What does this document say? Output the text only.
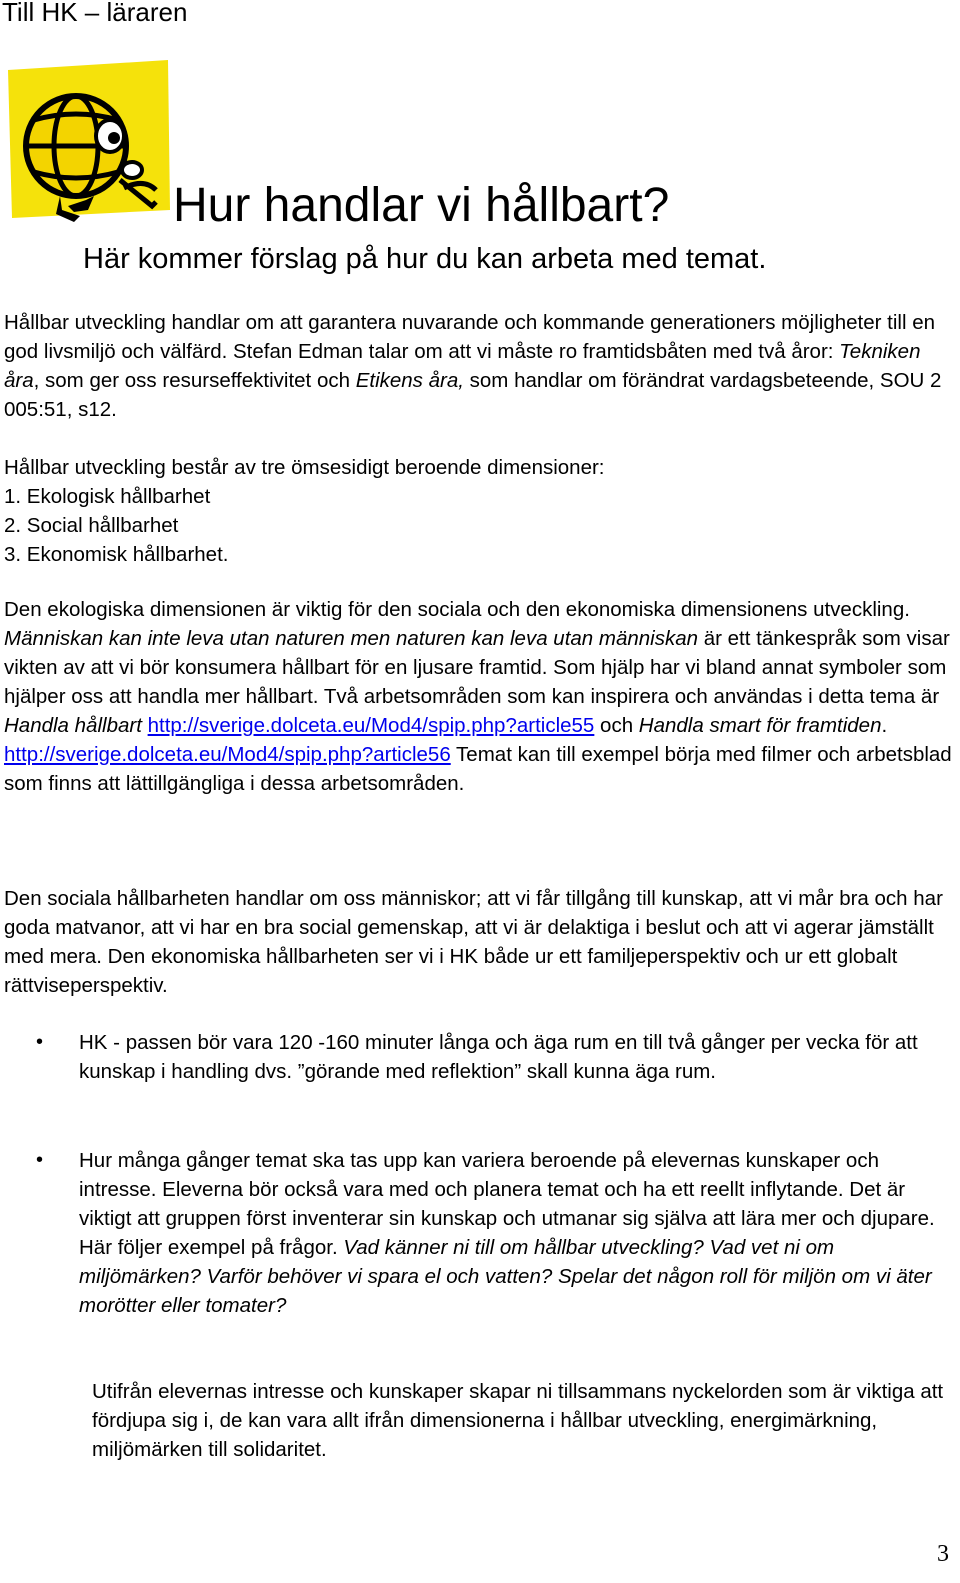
Till HK – läraren
Hur handlar vi hållbart?
Här kommer förslag på hur du kan arbeta med temat.
Hållbar utveckling handlar om att garantera nuvarande och kommande generationers möjligheter till en god livsmiljö och välfärd. Stefan Edman talar om att vi måste ro framtidsbåten med två åror: Tekniken åra, som ger oss resurseffektivitet och Etikens åra, som handlar om förändrat vardagsbeteende, SOU 2 005:51, s12.
Hållbar utveckling består av tre ömsesidigt beroende dimensioner:
1. Ekologisk hållbarhet
2. Social hållbarhet
3. Ekonomisk hållbarhet.
Den ekologiska dimensionen är viktig för den sociala och den ekonomiska dimensionens utveckling. Människan kan inte leva utan naturen men naturen kan leva utan människan är ett tänkespråk som visar vikten av att vi bör konsumera hållbart för en ljusare framtid. Som hjälp har vi bland annat symboler som hjälper oss att handla mer hållbart. Två arbetsområden som kan inspirera och användas i detta tema är Handla hållbart http://sverige.dolceta.eu/Mod4/spip.php?article55 och Handla smart för framtiden. http://sverige.dolceta.eu/Mod4/spip.php?article56 Temat kan till exempel börja med filmer och arbetsblad som finns att lättillgängliga i dessa arbetsområden.
Den sociala hållbarheten handlar om oss människor; att vi får tillgång till kunskap, att vi mår bra och har goda matvanor, att vi har en bra social gemenskap, att vi är delaktiga i beslut och att vi agerar jämställt med mera. Den ekonomiska hållbarheten ser vi i HK både ur ett familjeperspektiv och ur ett globalt rättviseperspektiv.
• HK - passen bör vara 120 -160 minuter långa och äga rum en till två gånger per vecka för att kunskap i handling dvs. ”görande med reflektion” skall kunna äga rum.
• Hur många gånger temat ska tas upp kan variera beroende på elevernas kunskaper och intresse. Eleverna bör också vara med och planera temat och ha ett reellt inflytande. Det är viktigt att gruppen först inventerar sin kunskap och utmanar sig själva att lära mer och djupare. Här följer exempel på frågor. Vad känner ni till om hållbar utveckling? Vad vet ni om miljömärken? Varför behöver vi spara el och vatten? Spelar det någon roll för miljön om vi äter morötter eller tomater?
Utifrån elevernas intresse och kunskaper skapar ni tillsammans nyckelorden som är viktiga att fördjupa sig i, de kan vara allt ifrån dimensionerna i hållbar utveckling, energimärkning, miljömärken till solidaritet.
3
